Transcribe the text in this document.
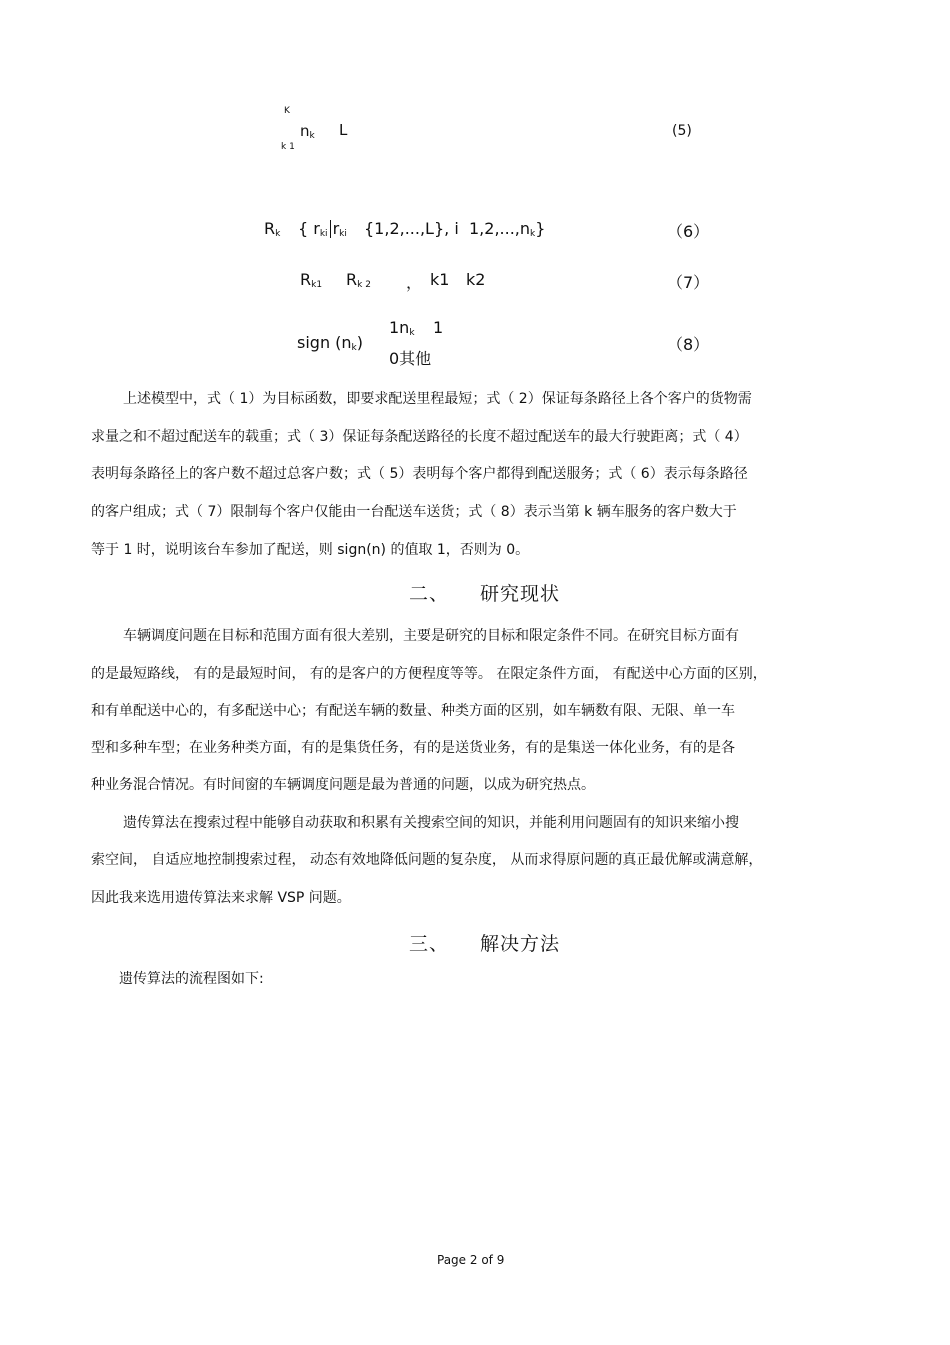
K
$n_k$ L
k 1
(5)
$R_k$ { $r_{ki}$ $r_{ki}$ {1,2,...,L}, i $1,2,...,n_k$}	（6）
$R_{k1}$ $R_{k 2}$ ， k1 k2	（7）
$1n_k$ 1
sign $(n_k)$
0其他
（8）
上述模型中，式（ 1）为目标函数，即要求配送里程最短；式（ 2）保证每条路径上各个客户的货物需
求量之和不超过配送车的载重；式（ 3）保证每条配送路径的长度不超过配送车的最大行驶距离；式（ 4）
表明每条路径上的客户数不超过总客户数；式（ 5）表明每个客户都得到配送服务；式（ 6）表示每条路径
的客户组成；式（ 7）限制每个客户仅能由一台配送车送货；式（ 8）表示当第 k 辆车服务的客户数大于
等于 1 时，说明该台车参加了配送，则 sign(n) 的值取 1，否则为 0。
二、 研究现状
车辆调度问题在目标和范围方面有很大差别，主要是研究的目标和限定条件不同。在研究目标方面有
的是最短路线， 有的是最短时间， 有的是客户的方便程度等等。 在限定条件方面， 有配送中心方面的区别，
和有单配送中心的，有多配送中心；有配送车辆的数量、种类方面的区别，如车辆数有限、无限、单一车
型和多种车型；在业务种类方面，有的是集货任务，有的是送货业务，有的是集送一体化业务，有的是各
种业务混合情况。有时间窗的车辆调度问题是最为普通的问题，以成为研究热点。
遗传算法在搜索过程中能够自动获取和积累有关搜索空间的知识，并能利用问题固有的知识来缩小搜
索空间， 自适应地控制搜索过程， 动态有效地降低问题的复杂度， 从而求得原问题的真正最优解或满意解，
因此我来选用遗传算法来求解 VSP 问题。
三、 解决方法
遗传算法的流程图如下:
Page 2 of 9
